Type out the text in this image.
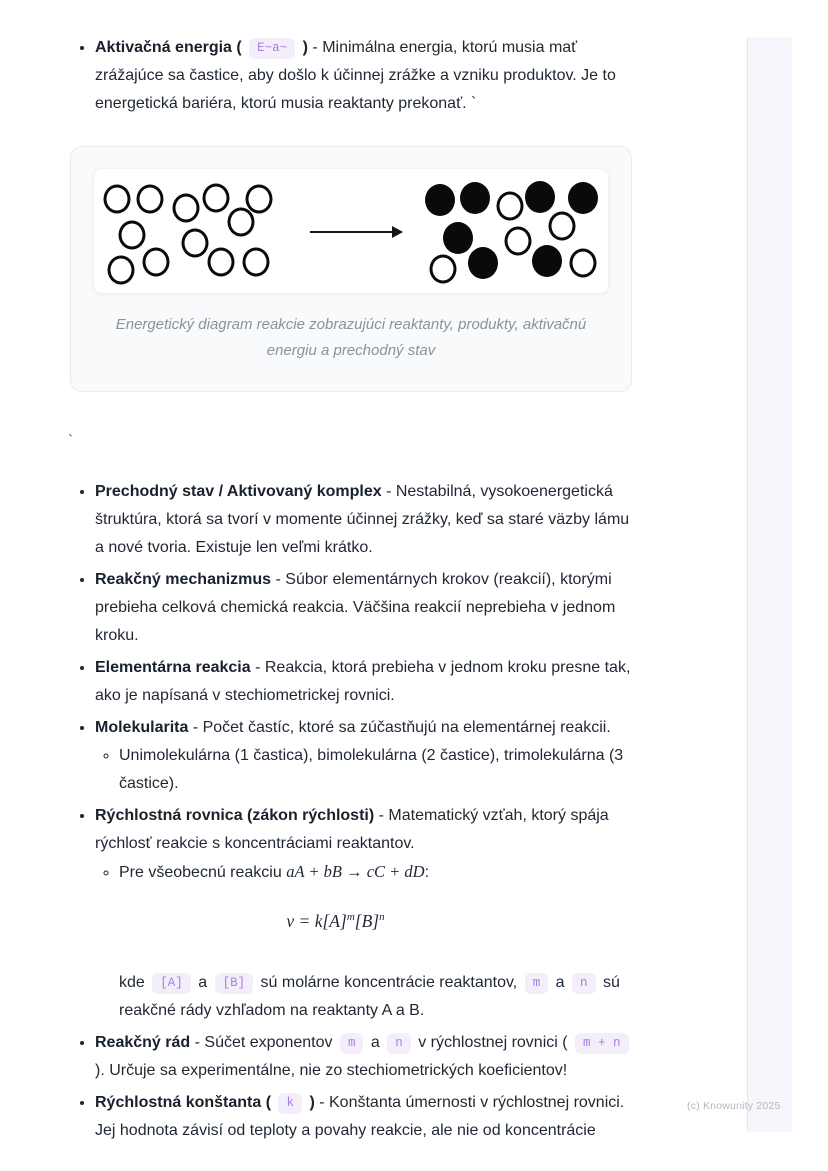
(c) Knowunity 2025
• Aktivačná energia ( E~a~ ) - Minimálna energia, ktorú musia mať zrážajúce sa častice, aby došlo k účinnej zrážke a vzniku produktov. Je to energetická bariéra, ktorú musia reaktanty prekonať. `
Energetický diagram reakcie zobrazujúci reaktanty, produkty, aktivačnú energiu a prechodný stav
`
• Prechodný stav / Aktivovaný komplex - Nestabilná, vysokoenergetická štruktúra, ktorá sa tvorí v momente účinnej zrážky, keď sa staré väzby lámu a nové tvoria. Existuje len veľmi krátko.
• Reakčný mechanizmus - Súbor elementárnych krokov (reakcií), ktorými prebieha celková chemická reakcia. Väčšina reakcií neprebieha v jednom kroku.
• Elementárna reakcia - Reakcia, ktorá prebieha v jednom kroku presne tak, ako je napísaná v stechiometrickej rovnici.
• Molekularita - Počet častíc, ktoré sa zúčastňujú na elementárnej reakcii.
◦ Unimolekulárna (1 častica), bimolekulárna (2 častice), trimolekulárna (3 častice).
• Rýchlostná rovnica (zákon rýchlosti) - Matematický vzťah, ktorý spája rýchlosť reakcie s koncentráciami reaktantov.
◦ Pre všeobecnú reakciu aA + bB → cC + dD:
$v = k[A]^m[B]^n$
kde [A] a [B] sú molárne koncentrácie reaktantov, m a n sú reakčné rády vzhľadom na reaktanty A a B.
• Reakčný rád - Súčet exponentov m a n v rýchlostnej rovnici ( m + n ). Určuje sa experimentálne, nie zo stechiometrických koeficientov!
• Rýchlostná konštanta ( k ) - Konštanta úmernosti v rýchlostnej rovnici. Jej hodnota závisí od teploty a povahy reakcie, ale nie od koncentrácie
